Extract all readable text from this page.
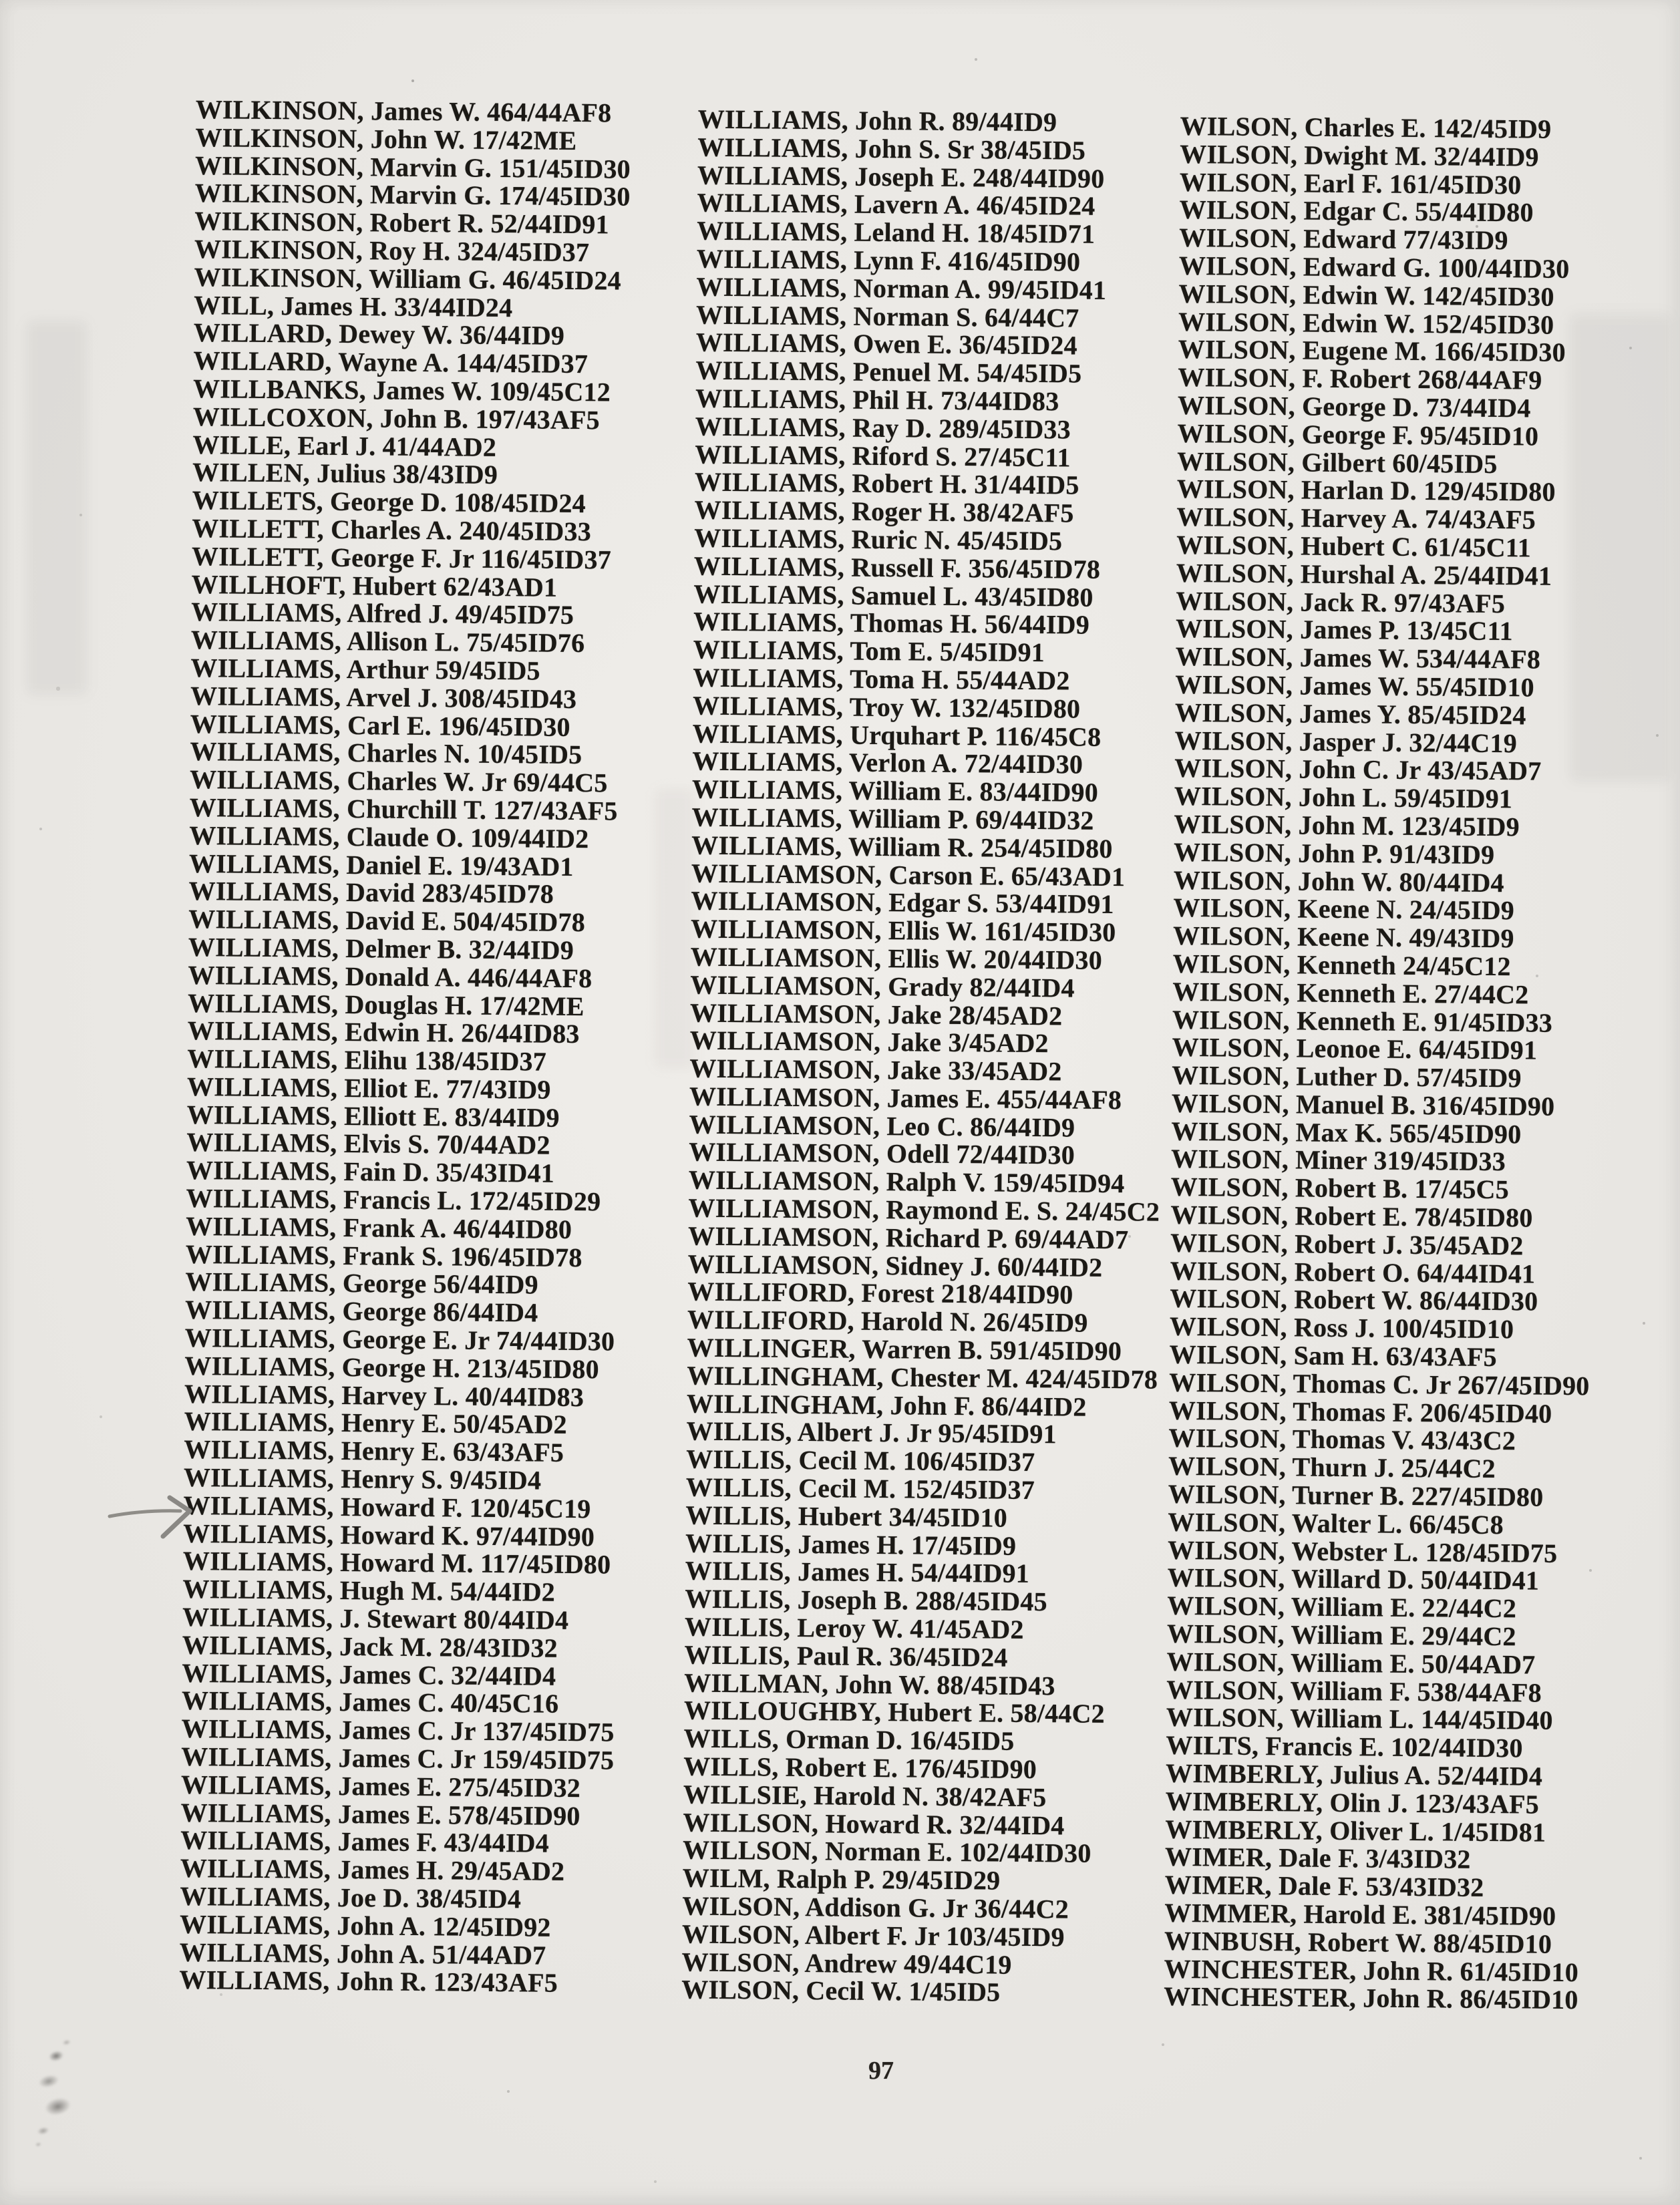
WILKINSON, James W. 464/44AF8
WILKINSON, John W. 17/42ME
WILKINSON, Marvin G. 151/45ID30
WILKINSON, Marvin G. 174/45ID30
WILKINSON, Robert R. 52/44ID91
WILKINSON, Roy H. 324/45ID37
WILKINSON, William G. 46/45ID24
WILL, James H. 33/44ID24
WILLARD, Dewey W. 36/44ID9
WILLARD, Wayne A. 144/45ID37
WILLBANKS, James W. 109/45C12
WILLCOXON, John B. 197/43AF5
WILLE, Earl J. 41/44AD2
WILLEN, Julius 38/43ID9
WILLETS, George D. 108/45ID24
WILLETT, Charles A. 240/45ID33
WILLETT, George F. Jr 116/45ID37
WILLHOFT, Hubert 62/43AD1
WILLIAMS, Alfred J. 49/45ID75
WILLIAMS, Allison L. 75/45ID76
WILLIAMS, Arthur 59/45ID5
WILLIAMS, Arvel J. 308/45ID43
WILLIAMS, Carl E. 196/45ID30
WILLIAMS, Charles N. 10/45ID5
WILLIAMS, Charles W. Jr 69/44C5
WILLIAMS, Churchill T. 127/43AF5
WILLIAMS, Claude O. 109/44ID2
WILLIAMS, Daniel E. 19/43AD1
WILLIAMS, David 283/45ID78
WILLIAMS, David E. 504/45ID78
WILLIAMS, Delmer B. 32/44ID9
WILLIAMS, Donald A. 446/44AF8
WILLIAMS, Douglas H. 17/42ME
WILLIAMS, Edwin H. 26/44ID83
WILLIAMS, Elihu 138/45ID37
WILLIAMS, Elliot E. 77/43ID9
WILLIAMS, Elliott E. 83/44ID9
WILLIAMS, Elvis S. 70/44AD2
WILLIAMS, Fain D. 35/43ID41
WILLIAMS, Francis L. 172/45ID29
WILLIAMS, Frank A. 46/44ID80
WILLIAMS, Frank S. 196/45ID78
WILLIAMS, George 56/44ID9
WILLIAMS, George 86/44ID4
WILLIAMS, George E. Jr 74/44ID30
WILLIAMS, George H. 213/45ID80
WILLIAMS, Harvey L. 40/44ID83
WILLIAMS, Henry E. 50/45AD2
WILLIAMS, Henry E. 63/43AF5
WILLIAMS, Henry S. 9/45ID4
WILLIAMS, Howard F. 120/45C19
WILLIAMS, Howard K. 97/44ID90
WILLIAMS, Howard M. 117/45ID80
WILLIAMS, Hugh M. 54/44ID2
WILLIAMS, J. Stewart 80/44ID4
WILLIAMS, Jack M. 28/43ID32
WILLIAMS, James C. 32/44ID4
WILLIAMS, James C. 40/45C16
WILLIAMS, James C. Jr 137/45ID75
WILLIAMS, James C. Jr 159/45ID75
WILLIAMS, James E. 275/45ID32
WILLIAMS, James E. 578/45ID90
WILLIAMS, James F. 43/44ID4
WILLIAMS, James H. 29/45AD2
WILLIAMS, Joe D. 38/45ID4
WILLIAMS, John A. 12/45ID92
WILLIAMS, John A. 51/44AD7
WILLIAMS, John R. 123/43AF5
WILLIAMS, John R. 89/44ID9
WILLIAMS, John S. Sr 38/45ID5
WILLIAMS, Joseph E. 248/44ID90
WILLIAMS, Lavern A. 46/45ID24
WILLIAMS, Leland H. 18/45ID71
WILLIAMS, Lynn F. 416/45ID90
WILLIAMS, Norman A. 99/45ID41
WILLIAMS, Norman S. 64/44C7
WILLIAMS, Owen E. 36/45ID24
WILLIAMS, Penuel M. 54/45ID5
WILLIAMS, Phil H. 73/44ID83
WILLIAMS, Ray D. 289/45ID33
WILLIAMS, Riford S. 27/45C11
WILLIAMS, Robert H. 31/44ID5
WILLIAMS, Roger H. 38/42AF5
WILLIAMS, Ruric N. 45/45ID5
WILLIAMS, Russell F. 356/45ID78
WILLIAMS, Samuel L. 43/45ID80
WILLIAMS, Thomas H. 56/44ID9
WILLIAMS, Tom E. 5/45ID91
WILLIAMS, Toma H. 55/44AD2
WILLIAMS, Troy W. 132/45ID80
WILLIAMS, Urquhart P. 116/45C8
WILLIAMS, Verlon A. 72/44ID30
WILLIAMS, William E. 83/44ID90
WILLIAMS, William P. 69/44ID32
WILLIAMS, William R. 254/45ID80
WILLIAMSON, Carson E. 65/43AD1
WILLIAMSON, Edgar S. 53/44ID91
WILLIAMSON, Ellis W. 161/45ID30
WILLIAMSON, Ellis W. 20/44ID30
WILLIAMSON, Grady 82/44ID4
WILLIAMSON, Jake 28/45AD2
WILLIAMSON, Jake 3/45AD2
WILLIAMSON, Jake 33/45AD2
WILLIAMSON, James E. 455/44AF8
WILLIAMSON, Leo C. 86/44ID9
WILLIAMSON, Odell 72/44ID30
WILLIAMSON, Ralph V. 159/45ID94
WILLIAMSON, Raymond E. S. 24/45C2
WILLIAMSON, Richard P. 69/44AD7
WILLIAMSON, Sidney J. 60/44ID2
WILLIFORD, Forest 218/44ID90
WILLIFORD, Harold N. 26/45ID9
WILLINGER, Warren B. 591/45ID90
WILLINGHAM, Chester M. 424/45ID78
WILLINGHAM, John F. 86/44ID2
WILLIS, Albert J. Jr 95/45ID91
WILLIS, Cecil M. 106/45ID37
WILLIS, Cecil M. 152/45ID37
WILLIS, Hubert 34/45ID10
WILLIS, James H. 17/45ID9
WILLIS, James H. 54/44ID91
WILLIS, Joseph B. 288/45ID45
WILLIS, Leroy W. 41/45AD2
WILLIS, Paul R. 36/45ID24
WILLMAN, John W. 88/45ID43
WILLOUGHBY, Hubert E. 58/44C2
WILLS, Orman D. 16/45ID5
WILLS, Robert E. 176/45ID90
WILLSIE, Harold N. 38/42AF5
WILLSON, Howard R. 32/44ID4
WILLSON, Norman E. 102/44ID30
WILM, Ralph P. 29/45ID29
WILSON, Addison G. Jr 36/44C2
WILSON, Albert F. Jr 103/45ID9
WILSON, Andrew 49/44C19
WILSON, Cecil W. 1/45ID5
WILSON, Charles E. 142/45ID9
WILSON, Dwight M. 32/44ID9
WILSON, Earl F. 161/45ID30
WILSON, Edgar C. 55/44ID80
WILSON, Edward 77/43ID9
WILSON, Edward G. 100/44ID30
WILSON, Edwin W. 142/45ID30
WILSON, Edwin W. 152/45ID30
WILSON, Eugene M. 166/45ID30
WILSON, F. Robert 268/44AF9
WILSON, George D. 73/44ID4
WILSON, George F. 95/45ID10
WILSON, Gilbert 60/45ID5
WILSON, Harlan D. 129/45ID80
WILSON, Harvey A. 74/43AF5
WILSON, Hubert C. 61/45C11
WILSON, Hurshal A. 25/44ID41
WILSON, Jack R. 97/43AF5
WILSON, James P. 13/45C11
WILSON, James W. 534/44AF8
WILSON, James W. 55/45ID10
WILSON, James Y. 85/45ID24
WILSON, Jasper J. 32/44C19
WILSON, John C. Jr 43/45AD7
WILSON, John L. 59/45ID91
WILSON, John M. 123/45ID9
WILSON, John P. 91/43ID9
WILSON, John W. 80/44ID4
WILSON, Keene N. 24/45ID9
WILSON, Keene N. 49/43ID9
WILSON, Kenneth 24/45C12
WILSON, Kenneth E. 27/44C2
WILSON, Kenneth E. 91/45ID33
WILSON, Leonoe E. 64/45ID91
WILSON, Luther D. 57/45ID9
WILSON, Manuel B. 316/45ID90
WILSON, Max K. 565/45ID90
WILSON, Miner 319/45ID33
WILSON, Robert B. 17/45C5
WILSON, Robert E. 78/45ID80
WILSON, Robert J. 35/45AD2
WILSON, Robert O. 64/44ID41
WILSON, Robert W. 86/44ID30
WILSON, Ross J. 100/45ID10
WILSON, Sam H. 63/43AF5
WILSON, Thomas C. Jr 267/45ID90
WILSON, Thomas F. 206/45ID40
WILSON, Thomas V. 43/43C2
WILSON, Thurn J. 25/44C2
WILSON, Turner B. 227/45ID80
WILSON, Walter L. 66/45C8
WILSON, Webster L. 128/45ID75
WILSON, Willard D. 50/44ID41
WILSON, William E. 22/44C2
WILSON, William E. 29/44C2
WILSON, William E. 50/44AD7
WILSON, William F. 538/44AF8
WILSON, William L. 144/45ID40
WILTS, Francis E. 102/44ID30
WIMBERLY, Julius A. 52/44ID4
WIMBERLY, Olin J. 123/43AF5
WIMBERLY, Oliver L. 1/45ID81
WIMER, Dale F. 3/43ID32
WIMER, Dale F. 53/43ID32
WIMMER, Harold E. 381/45ID90
WINBUSH, Robert W. 88/45ID10
WINCHESTER, John R. 61/45ID10
WINCHESTER, John R. 86/45ID10
97
